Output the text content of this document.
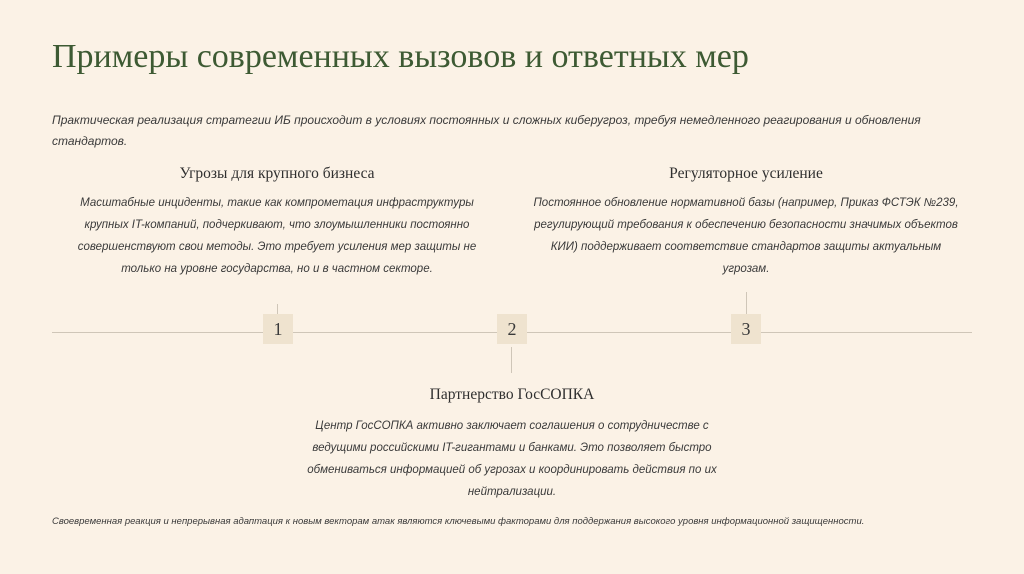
Примеры современных вызовов и ответных мер
Практическая реализация стратегии ИБ происходит в условиях постоянных и сложных киберугроз, требуя немедленного реагирования и обновления стандартов.
Угрозы для крупного бизнеса
Масштабные инциденты, такие как компрометация инфраструктуры крупных IT-компаний, подчеркивают, что злоумышленники постоянно совершенствуют свои методы. Это требует усиления мер защиты не только на уровне государства, но и в частном секторе.
Регуляторное усиление
Постоянное обновление нормативной базы (например, Приказ ФСТЭК №239, регулирующий требования к обеспечению безопасности значимых объектов КИИ) поддерживает соответствие стандартов защиты актуальным угрозам.
1	2	3
Партнерство ГосСОПКА
Центр ГосСОПКА активно заключает соглашения о сотрудничестве с ведущими российскими IT-гигантами и банками. Это позволяет быстро обмениваться информацией об угрозах и координировать действия по их нейтрализации.
Своевременная реакция и непрерывная адаптация к новым векторам атак являются ключевыми факторами для поддержания высокого уровня информационной защищенности.
